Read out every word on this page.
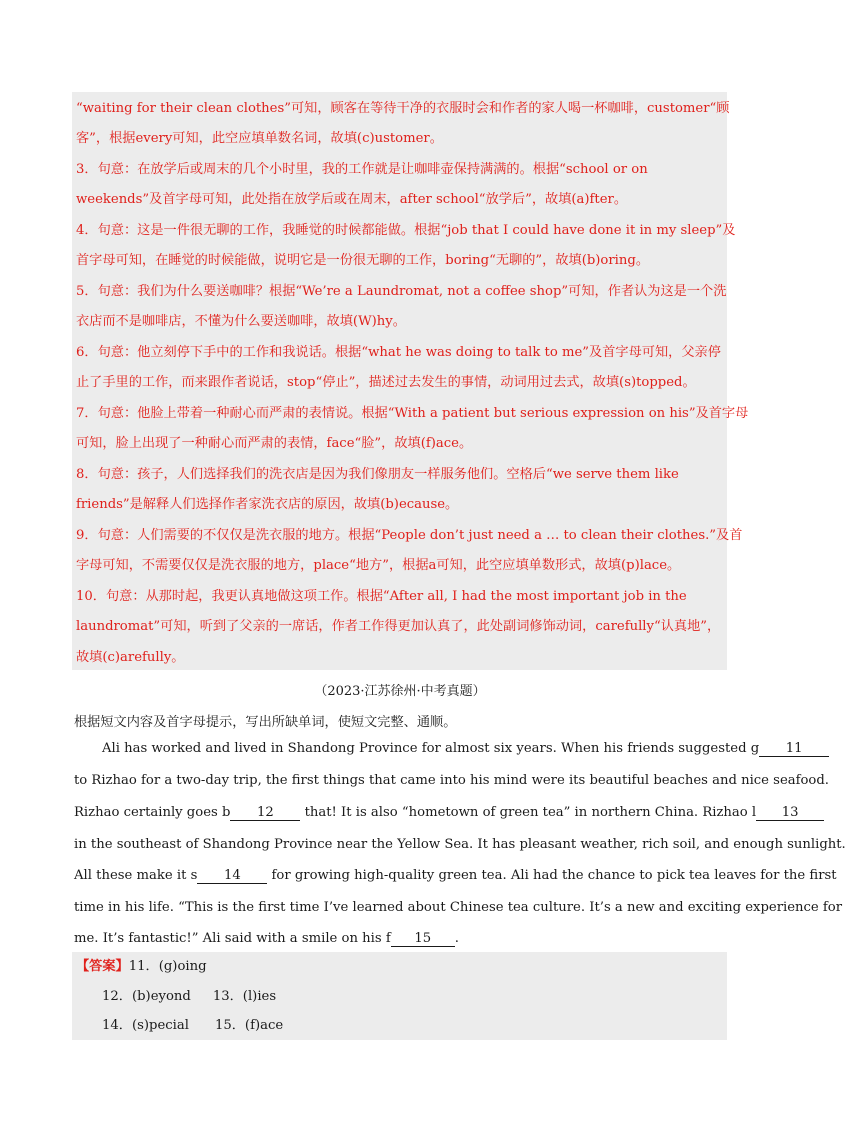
“waiting for their clean clothes”可知，顾客在等待干净的衣服时会和作者的家人喝一杯咖啡，customer“顾
客”，根据every可知，此空应填单数名词，故填(c)ustomer。
3．句意：在放学后或周末的几个小时里，我的工作就是让咖啡壶保持满满的。根据“school or on
weekends”及首字母可知，此处指在放学后或在周末，after school“放学后”，故填(a)fter。
4．句意：这是一件很无聊的工作，我睡觉的时候都能做。根据“job that I could have done it in my sleep”及
首字母可知，在睡觉的时候能做，说明它是一份很无聊的工作，boring“无聊的”，故填(b)oring。
5．句意：我们为什么要送咖啡？根据“We’re a Laundromat, not a coffee shop”可知，作者认为这是一个洗
衣店而不是咖啡店，不懂为什么要送咖啡，故填(W)hy。
6．句意：他立刻停下手中的工作和我说话。根据“what he was doing to talk to me”及首字母可知，父亲停
止了手里的工作，而来跟作者说话，stop“停止”，描述过去发生的事情，动词用过去式，故填(s)topped。
7．句意：他脸上带着一种耐心而严肃的表情说。根据“With a patient but serious expression on his”及首字母
可知，脸上出现了一种耐心而严肃的表情，face“脸”，故填(f)ace。
8．句意：孩子，人们选择我们的洗衣店是因为我们像朋友一样服务他们。空格后“we serve them like
friends”是解释人们选择作者家洗衣店的原因，故填(b)ecause。
9．句意：人们需要的不仅仅是洗衣服的地方。根据“People don’t just need a … to clean their clothes.”及首
字母可知，不需要仅仅是洗衣服的地方，place“地方”，根据a可知，此空应填单数形式，故填(p)lace。
10．句意：从那时起，我更认真地做这项工作。根据“After all, I had the most important job in the
laundromat”可知，听到了父亲的一席话，作者工作得更加认真了，此处副词修饰动词，carefully“认真地”，
故填(c)arefully。
（2023·江苏徐州·中考真题）
根据短文内容及首字母提示，写出所缺单词，使短文完整、通顺。
Ali has worked and lived in Shandong Province for almost six years. When his friends suggested g 11
to Rizhao for a two-day trip, the first things that came into his mind were its beautiful beaches and nice seafood.
Rizhao certainly goes b 12 that! It is also “hometown of green tea” in northern China. Rizhao l 13
in the southeast of Shandong Province near the Yellow Sea. It has pleasant weather, rich soil, and enough sunlight.
All these make it s 14 for growing high-quality green tea. Ali had the chance to pick tea leaves for the first
time in his life. “This is the first time I’ve learned about Chinese tea culture. It’s a new and exciting experience for
me. It’s fantastic!” Ali said with a smile on his f 15 .
【答案】11．(g)oing
12．(b)eyond 13．(l)ies
14．(s)pecial 15．(f)ace
